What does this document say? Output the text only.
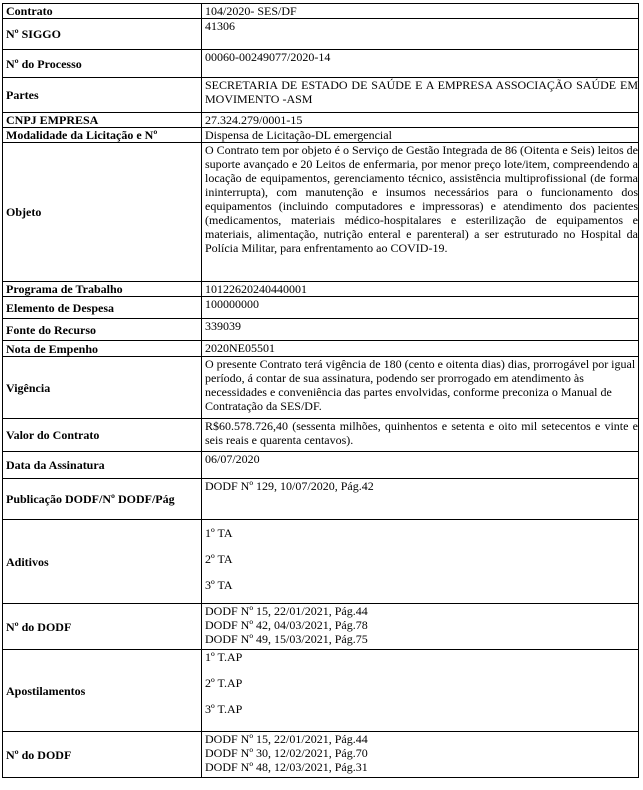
Contrato	104/2020- SES/DF
Nº SIGGO	41306
Nº do Processo	00060-00249077/2020-14
Partes	SECRETARIA DE ESTADO DE SAÚDE E A EMPRESA ASSOCIAÇÃO SAÚDE EM MOVIMENTO -ASM
CNPJ EMPRESA	27.324.279/0001-15
Modalidade da Licitação e Nº	Dispensa de Licitação-DL emergencial
Objeto	O Contrato tem por objeto é o Serviço de Gestão Integrada de 86 (Oitenta e Seis) leitos de suporte avançado e 20 Leitos de enfermaria, por menor preço lote/item, compreendendo a locação de equipamentos, gerenciamento técnico, assistência multiprofissional (de forma ininterrupta), com manutenção e insumos necessários para o funcionamento dos equipamentos (incluindo computadores e impressoras) e atendimento dos pacientes (medicamentos, materiais médico-hospitalares e esterilização de equipamentos e materiais, alimentação, nutrição enteral e parenteral) a ser estruturado no Hospital da Polícia Militar, para enfrentamento ao COVID-19.
Programa de Trabalho	10122620240440001
Elemento de Despesa	100000000
Fonte do Recurso	339039
Nota de Empenho	2020NE05501
Vigência	O presente Contrato terá vigência de 180 (cento e oitenta dias) dias, prorrogável por igual período, á contar de sua assinatura, podendo ser prorrogado em atendimento às necessidades e conveniência das partes envolvidas, conforme preconiza o Manual de Contratação da SES/DF.
Valor do Contrato	R$60.578.726,40 (sessenta milhões, quinhentos e setenta e oito mil setecentos e vinte e seis reais e quarenta centavos).
Data da Assinatura	06/07/2020
Publicação DODF/Nº DODF/Pág	DODF Nº 129, 10/07/2020, Pág.42
Aditivos	1º TA
2º TA
3º TA

Nº do DODF	DODF Nº 15, 22/01/2021, Pág.44
DODF Nº 42, 04/03/2021, Pág.78
DODF Nº 49, 15/03/2021, Pág.75

Apostilamentos	1º T.AP
2º T.AP
3º T.AP

Nº do DODF	DODF Nº 15, 22/01/2021, Pág.44
DODF Nº 30, 12/02/2021, Pág.70
DODF Nº 48, 12/03/2021, Pág.31
